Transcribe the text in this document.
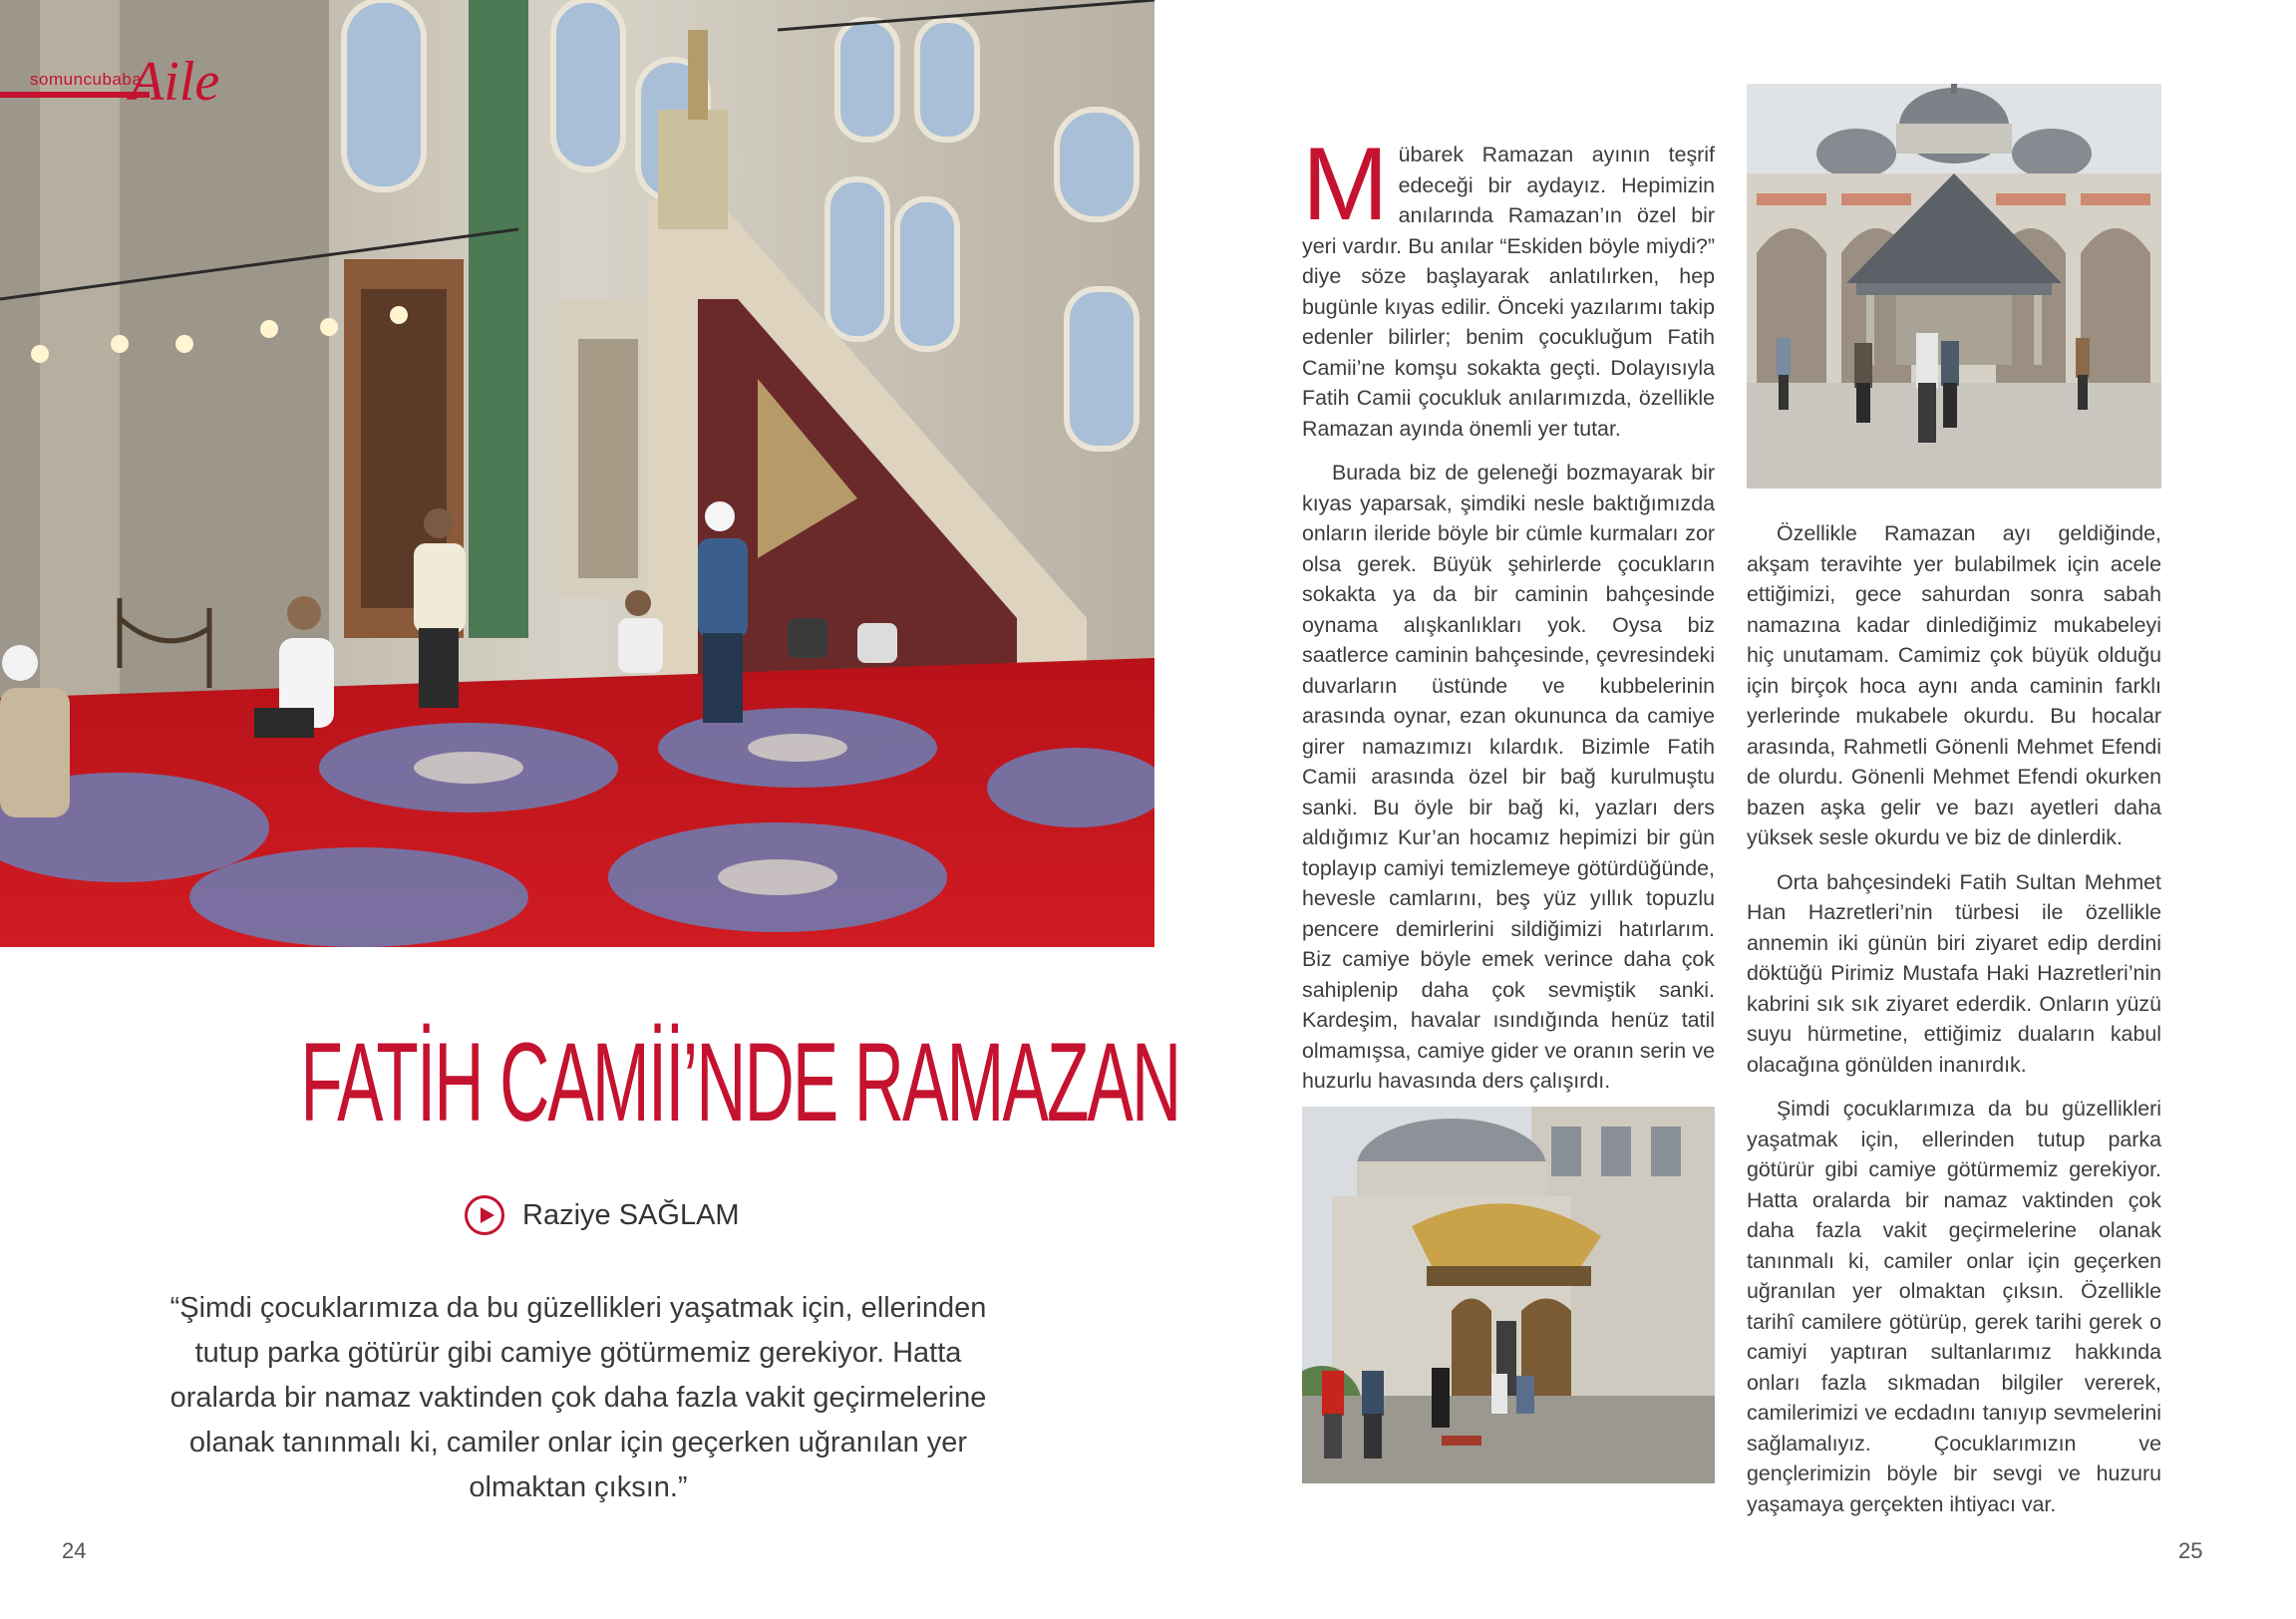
somuncubaba
Aile
FATİH CAMİİ’NDE RAMAZAN
Raziye SAĞLAM
“Şimdi çocuklarımıza da bu güzellikleri yaşatmak için, ellerinden tutup parka götürür gibi camiye götürmemiz gerekiyor. Hatta oralarda bir namaz vaktinden çok daha fazla vakit geçirmelerine olanak tanınmalı ki, camiler onlar için geçerken uğranılan yer olmaktan çıksın.”
24	25

Mübarek Ramazan ayının teşrif edeceği bir aydayız. Hepimizin anılarında Ramazan’ın özel bir yeri vardır. Bu anılar “Eskiden böyle miydi?” diye söze başlayarak anlatılırken, hep bugünle kıyas edilir. Önceki yazılarımı takip edenler bilirler; benim çocukluğum Fatih Camii’ne komşu sokakta geçti. Dolayısıyla Fatih Camii çocukluk anılarımızda, özellikle Ramazan ayında önemli yer tutar.

Burada biz de geleneği bozmayarak bir kıyas yaparsak, şimdiki nesle baktığımızda onların ileride böyle bir cümle kurmaları zor olsa gerek. Büyük şehirlerde çocukların sokakta ya da bir caminin bahçesinde oynama alışkanlıkları yok. Oysa biz saatlerce caminin bahçesinde, çevresindeki duvarların üstünde ve kubbelerinin arasında oynar, ezan okununca da camiye girer namazımızı kılardık. Bizimle Fatih Camii arasında özel bir bağ kurulmuştu sanki. Bu öyle bir bağ ki, yazları ders aldığımız Kur’an hocamız hepimizi bir gün toplayıp camiyi temizlemeye götürdüğünde, hevesle camlarını, beş yüz yıllık topuzlu pencere demirlerini sildiğimizi hatırlarım. Biz camiye böyle emek verince daha çok sahiplenip daha çok sevmiştik sanki. Kardeşim, havalar ısındığında henüz tatil olmamışsa, camiye gider ve oranın serin ve huzurlu havasında ders çalışırdı.

Özellikle Ramazan ayı geldiğinde, akşam teravihte yer bulabilmek için acele ettiğimizi, gece sahurdan sonra sabah namazına kadar dinlediğimiz mukabeleyi hiç unutamam. Camimiz çok büyük olduğu için birçok hoca aynı anda caminin farklı yerlerinde mukabele okurdu. Bu hocalar arasında, Rahmetli Gönenli Mehmet Efendi de olurdu. Gönenli Mehmet Efendi okurken bazen aşka gelir ve bazı ayetleri daha yüksek sesle okurdu ve biz de dinlerdik.

Orta bahçesindeki Fatih Sultan Mehmet Han Hazretleri’nin türbesi ile özellikle annemin iki günün biri ziyaret edip derdini döktüğü Pirimiz Mustafa Haki Hazretleri’nin kabrini sık sık ziyaret ederdik. Onların yüzü suyu hürmetine, ettiğimiz duaların kabul olacağına gönülden inanırdık.

Şimdi çocuklarımıza da bu güzellikleri yaşatmak için, ellerinden tutup parka götürür gibi camiye götürmemiz gerekiyor. Hatta oralarda bir namaz vaktinden çok daha fazla vakit geçirmelerine olanak tanınmalı ki, camiler onlar için geçerken uğranılan yer olmaktan çıksın. Özellikle tarihî camilere götürüp, gerek tarihi gerek o camiyi yaptıran sultanlarımız hakkında onları fazla sıkmadan bilgiler vererek, camilerimizi ve ecdadını tanıyıp sevmelerini sağlamalıyız. Çocuklarımızın ve gençlerimizin böyle bir sevgi ve huzuru yaşamaya gerçekten ihtiyacı var.
